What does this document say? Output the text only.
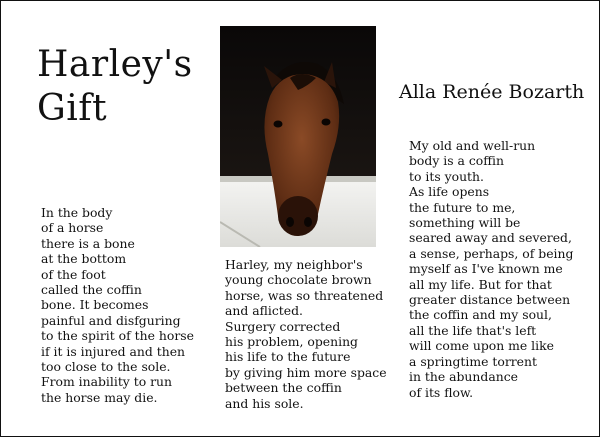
Harley's
Gift	Alla Renée Bozarth

In the body
of a horse
there is a bone
at the bottom
of the foot
called the coffin
bone. It becomes
painful and disfguring
to the spirit of the horse
if it is injured and then
too close to the sole.
From inability to run
the horse may die.

Harley, my neighbor's
young chocolate brown
horse, was so threatened
and aflicted.
Surgery corrected
his problem, opening
his life to the future
by giving him more space
between the coffin
and his sole.

My old and well-run
body is a coffin
to its youth.
As life opens
the future to me,
something will be
seared away and severed,
a sense, perhaps, of being
myself as I've known me
all my life. But for that
greater distance between
the coffin and my soul,
all the life that's left
will come upon me like
a springtime torrent
in the abundance
of its flow.
